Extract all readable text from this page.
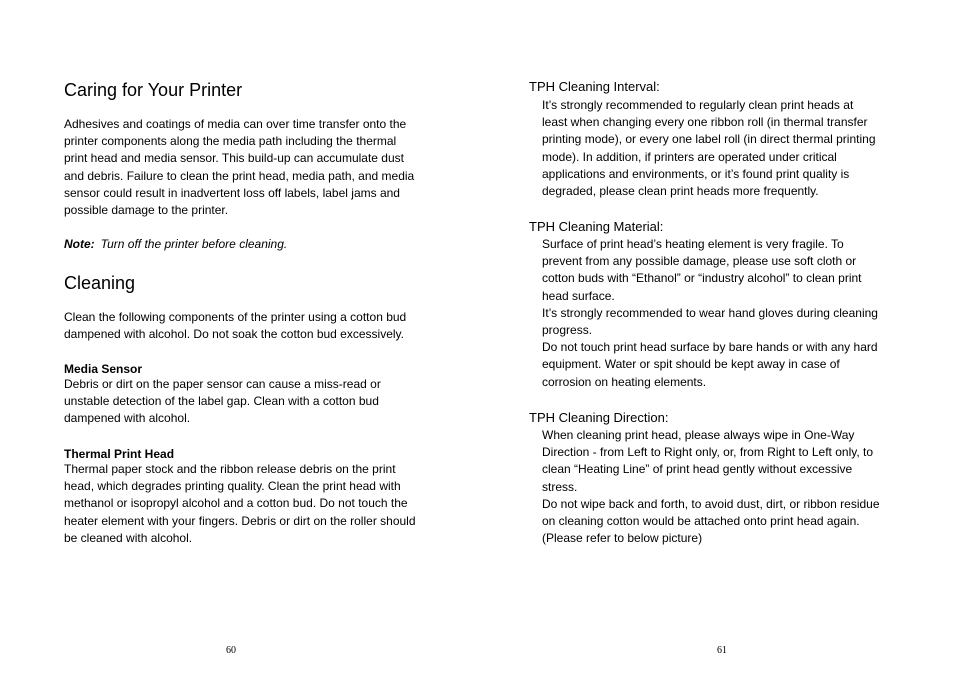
Caring for Your Printer
Adhesives and coatings of media can over time transfer onto the
printer components along the media path including the thermal
print head and media sensor. This build-up can accumulate dust
and debris. Failure to clean the print head, media path, and media
sensor could result in inadvertent loss off labels, label jams and
possible damage to the printer.
Note: Turn off the printer before cleaning.
Cleaning
Clean the following components of the printer using a cotton bud
dampened with alcohol. Do not soak the cotton bud excessively.
Media Sensor
Debris or dirt on the paper sensor can cause a miss-read or
unstable detection of the label gap. Clean with a cotton bud
dampened with alcohol.
Thermal Print Head
Thermal paper stock and the ribbon release debris on the print
head, which degrades printing quality. Clean the print head with
methanol or isopropyl alcohol and a cotton bud. Do not touch the
heater element with your fingers. Debris or dirt on the roller should
be cleaned with alcohol.
60
TPH Cleaning Interval:
It’s strongly recommended to regularly clean print heads at
least when changing every one ribbon roll (in thermal transfer
printing mode), or every one label roll (in direct thermal printing
mode). In addition, if printers are operated under critical
applications and environments, or it’s found print quality is
degraded, please clean print heads more frequently.
TPH Cleaning Material:
Surface of print head’s heating element is very fragile. To
prevent from any possible damage, please use soft cloth or
cotton buds with “Ethanol” or “industry alcohol” to clean print
head surface.
It’s strongly recommended to wear hand gloves during cleaning
progress.
Do not touch print head surface by bare hands or with any hard
equipment. Water or spit should be kept away in case of
corrosion on heating elements.
TPH Cleaning Direction:
When cleaning print head, please always wipe in One-Way
Direction - from Left to Right only, or, from Right to Left only, to
clean “Heating Line” of print head gently without excessive
stress.
Do not wipe back and forth, to avoid dust, dirt, or ribbon residue
on cleaning cotton would be attached onto print head again.
(Please refer to below picture)
61
